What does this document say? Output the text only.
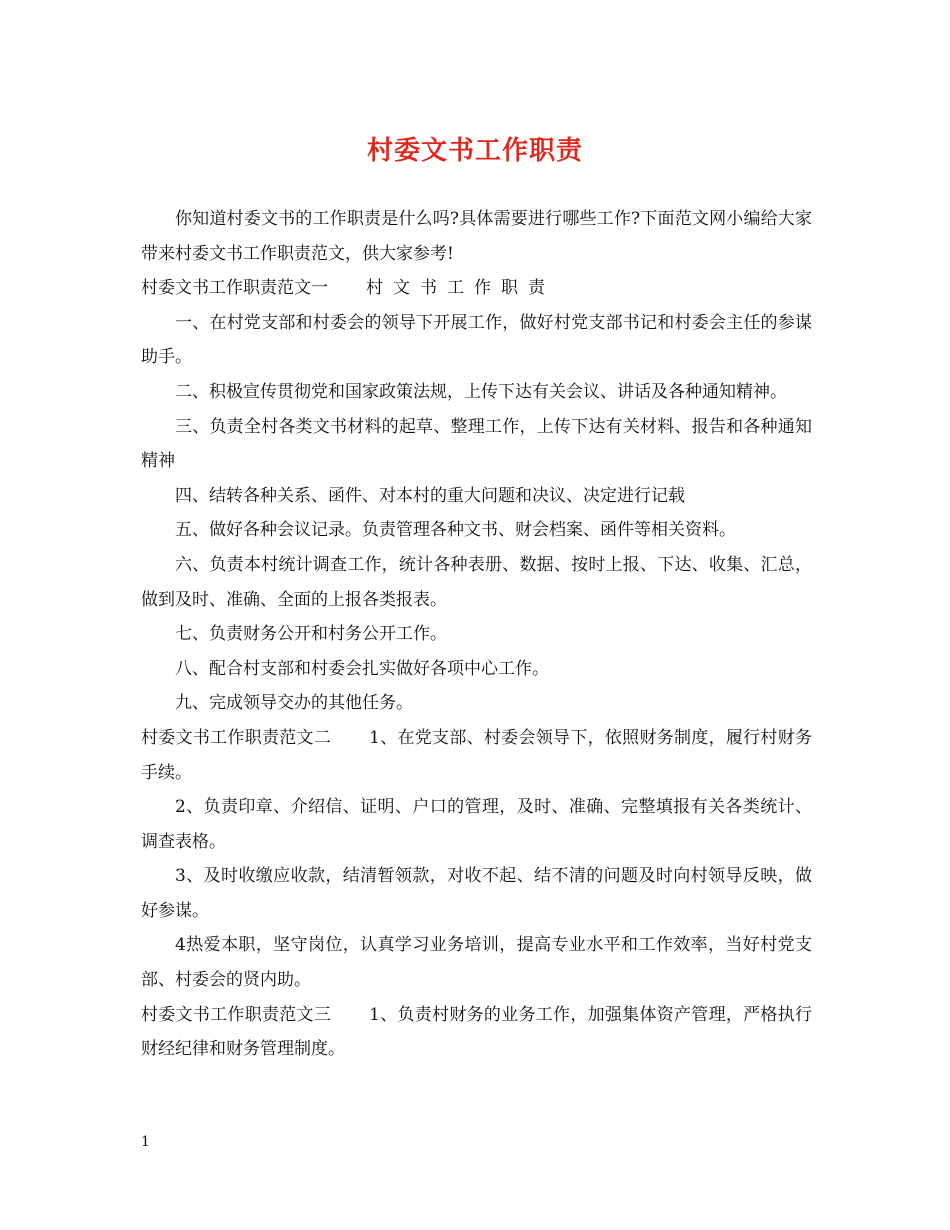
村委文书工作职责

你知道村委文书的工作职责是什么吗?具体需要进行哪些工作?下面范文网小编给大家带来村委文书工作职责范文，供大家参考!

村委文书工作职责范文一 村文书工作职责

一、在村党支部和村委会的领导下开展工作，做好村党支部书记和村委会主任的参谋助手。

二、积极宣传贯彻党和国家政策法规，上传下达有关会议、讲话及各种通知精神。

三、负责全村各类文书材料的起草、整理工作，上传下达有关材料、报告和各种通知精神

四、结转各种关系、函件、对本村的重大问题和决议、决定进行记载

五、做好各种会议记录。负责管理各种文书、财会档案、函件等相关资料。

六、负责本村统计调查工作，统计各种表册、数据、按时上报、下达、收集、汇总，做到及时、准确、全面的上报各类报表。

七、负责财务公开和村务公开工作。

八、配合村支部和村委会扎实做好各项中心工作。

九、完成领导交办的其他任务。

村委文书工作职责范文二 1、在党支部、村委会领导下，依照财务制度，履行村财务手续。

2、负责印章、介绍信、证明、户口的管理，及时、准确、完整填报有关各类统计、调查表格。

3、及时收缴应收款，结清暂领款，对收不起、结不清的问题及时向村领导反映，做好参谋。

4热爱本职，坚守岗位，认真学习业务培训，提高专业水平和工作效率，当好村党支部、村委会的贤内助。

村委文书工作职责范文三 1、负责村财务的业务工作，加强集体资产管理，严格执行财经纪律和财务管理制度。

1
